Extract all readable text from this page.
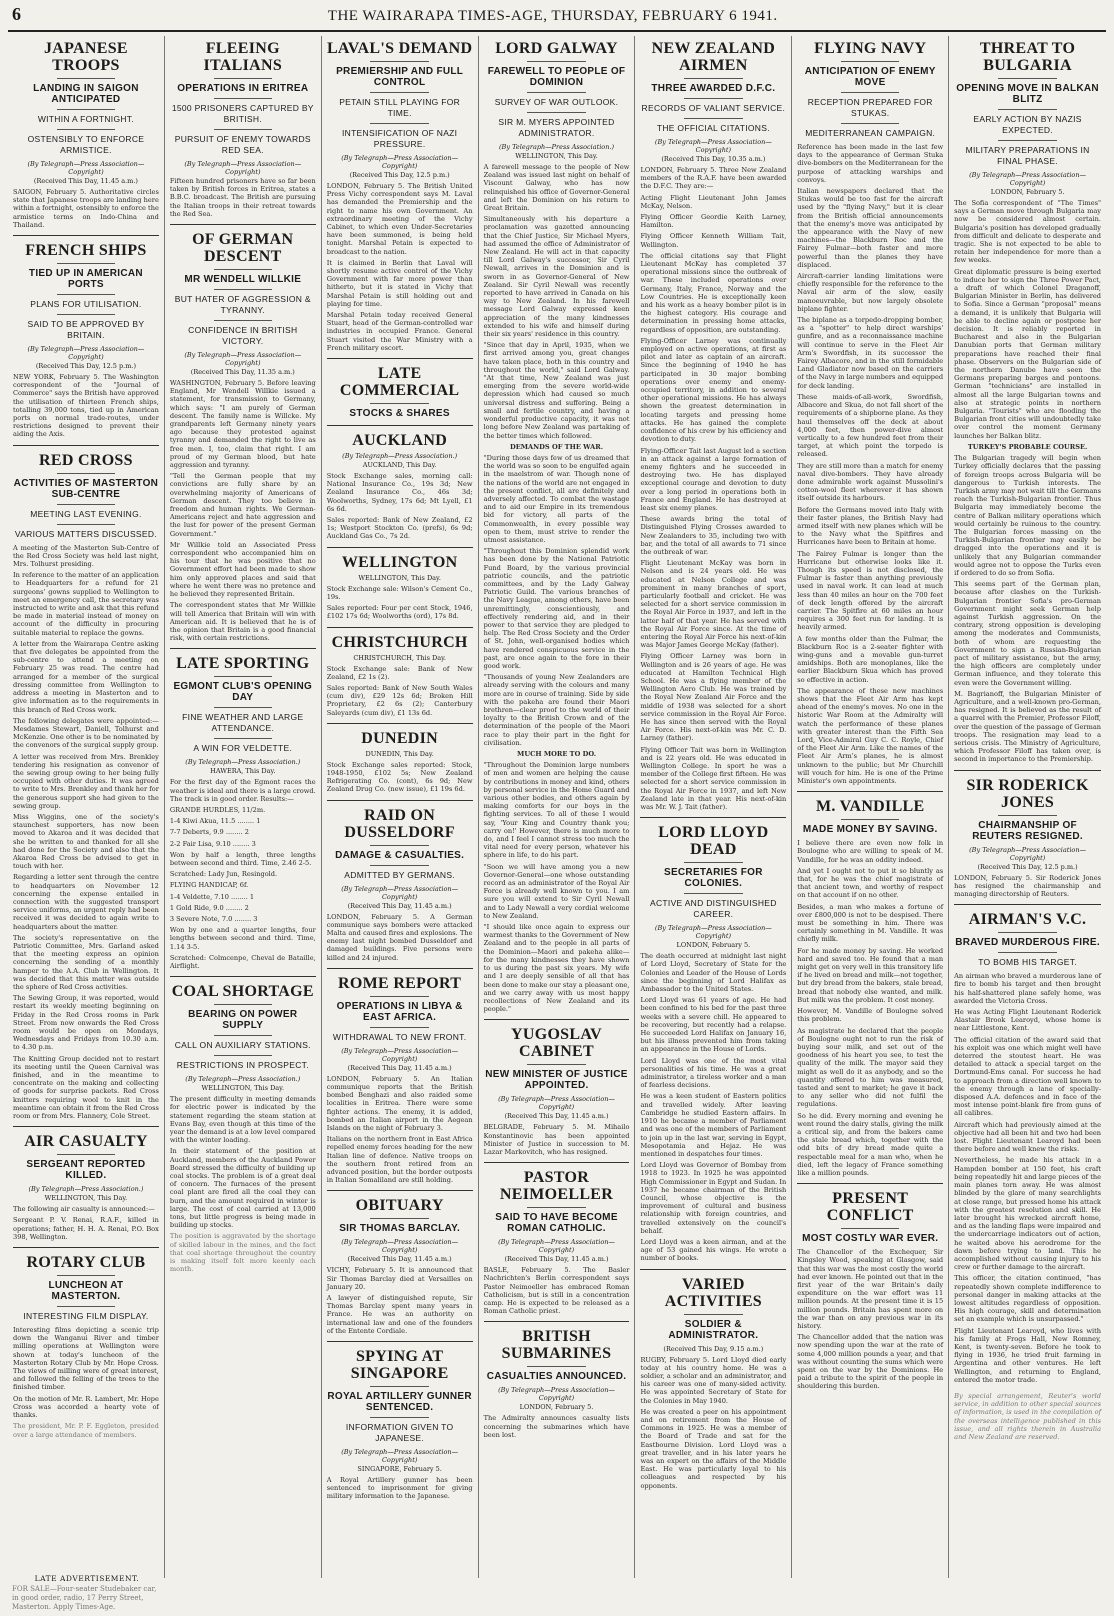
6	THE WAIRARAPA TIMES-AGE, THURSDAY, FEBRUARY 6 1941.
JAPANESE TROOPS
LANDING IN SAIGON ANTICIPATED
WITHIN A FORTNIGHT.
OSTENSIBLY TO ENFORCE ARMISTICE.
(By Telegraph—Press Association—Copyright)
(Received This Day, 11.45 a.m.)

SAIGON, February 5. Authoritative circles state that Japanese troops are landing here within a fortnight, ostensibly to enforce the armistice terms on Indo-China and Thailand.

FRENCH SHIPS
TIED UP IN AMERICAN PORTS
PLANS FOR UTILISATION.
SAID TO BE APPROVED BY BRITAIN.
(By Telegraph—Press Association—Copyright)
(Received This Day, 12.5 p.m.)

NEW YORK, February 5. The Washington correspondent of the "Journal of Commerce" says the British have approved the utilisation of thirteen French ships, totalling 39,000 tons, tied up in American ports on normal trade-routes, under restrictions designed to prevent their aiding the Axis.

RED CROSS
ACTIVITIES OF MASTERTON SUB-CENTRE
MEETING LAST EVENING.
VARIOUS MATTERS DISCUSSED.

A meeting of the Masterton Sub-Centre of the Red Cross Society was held last night, Mrs. Tolhurst presiding.

In reference to the matter of an application to Headquarters for a refund for 21 surgeons' gowns supplied to Wellington to meet an emergency call, the secretary was instructed to write and ask that this refund be made in material instead of money on account of the difficulty in procuring suitable material to replace the gowns.

A letter from the Wairarapa Centre asking that five delegates be appointed from the sub-centre to attend a meeting on February 25 was read. The centre had arranged for a member of the surgical dressing committee from Wellington to address a meeting in Masterton and to give information as to the requirements in this branch of Red Cross work.

The following delegates were appointed:—Mesdames Stewart, Daniell, Tolhurst and McKenzie. One other is to be nominated by the convenors of the surgical supply group.

A letter was received from Mrs. Brenkley tendering his resignation as convenor of the sewing group owing to her being fully occupied with other duties. It was agreed to write to Mrs. Brenkley and thank her for the generous support she had given to the sewing group.

Miss Wiggins, one of the society's staunchest supporters, has now been moved to Akaroa and it was decided that she be written to and thanked for all she had done for the Society and also that the Akaroa Red Cross be advised to get in touch with her.

Regarding a letter sent through the centre to headquarters on November 12 concerning the expense entailed in connection with the suggested transport service uniforms, an urgent reply had been received it was decided to again write to headquarters about the matter.

The society's representative on the Patriotic Committee, Mrs. Garland asked that the meeting express an opinion concerning the sending of a monthly hamper to the A.A. Club in Wellington. It was decided that this matter was outside the sphere of Red Cross activities.

The Sewing Group, it was reported, would restart its weekly meeting beginning on Friday in the Red Cross rooms in Park Street. From now onwards the Red Cross room would be open on Mondays, Wednesdays and Fridays from 10.30 a.m. to 4.30 p.m.

The Knitting Group decided not to restart its meeting until the Queen Carnival was finished, and in the meantime to concentrate on the making and collecting of goods for surprise packets. Red Cross knitters requiring wool to knit in the meantime can obtain it from the Red Cross room or from Mrs. Flannery, Cole Street.

AIR CASUALTY
SERGEANT REPORTED KILLED.
(By Telegraph—Press Association.)
WELLINGTON, This Day.

The following air casualty is announced:—

Sergeant P. V. Renai, R.A.F., killed in operations; father, H. H. A. Renai, P.O. Box 398, Wellington.

ROTARY CLUB
LUNCHEON AT MASTERTON.
INTERESTING FILM DISPLAY.

Interesting films depicting a scenic trip down the Wanganui River and timber milling operations at Wellington were shown at today's luncheon of the Masterton Rotary Club by Mr. Hope Cross. The views of milling were of great interest, and followed the felling of the trees to the finished timber.

On the motion of Mr. R. Lambert, Mr. Hope Cross was accorded a hearty vote of thanks.

The president, Mr. P. F. Eggleton, presided over a large attendance of members.

FLEEING ITALIANS
OPERATIONS IN ERITREA
1500 PRISONERS CAPTURED BY BRITISH.
PURSUIT OF ENEMY TOWARDS RED SEA.
(By Telegraph—Press Association—Copyright)

Fifteen hundred prisoners have so far been taken by British forces in Eritrea, states a B.B.C. broadcast. The British are pursuing the Italian troops in their retreat towards the Red Sea.

OF GERMAN DESCENT
MR WENDELL WILLKIE
BUT HATER OF AGGRESSION & TYRANNY.
CONFIDENCE IN BRITISH VICTORY.
(By Telegraph—Press Association—Copyright)
(Received This Day, 11.35 a.m.)

WASHINGTON, February 5. Before leaving England, Mr Wendell Willkie issued a statement, for transmission to Germany, which says: "I am purely of German descent. The family name is Willcke. My grandparents left Germany ninety years ago because they protested against tyranny and demanded the right to live as free men. I, too, claim that right. I am proud of my German blood, but hate aggression and tyranny.

"Tell the German people that my convictions are fully share by an overwhelming majority of Americans of German descent. They too believe in freedom and human rights. We German-Americans reject and hate aggression and the lust for power of the present German Government."

Mr Willkie told an Associated Press correspondent who accompanied him on his tour that he was positive that no Government effort had been made to show him only approved places and said that where he went there was no pretence and he believed they represented Britain.

The correspondent states that Mr Willkie will tell America that Britain will win with American aid. It is believed that he is of the opinion that Britain is a good financial risk, with certain restrictions.

LATE SPORTING
EGMONT CLUB'S OPENING DAY
FINE WEATHER AND LARGE ATTENDANCE.
A WIN FOR VELDETTE.
(By Telegraph—Press Association.)
HAWERA, This Day.

For the first day of the Egmont races the weather is ideal and there is a large crowd. The track is in good order. Results:—

GRANDE HURDLES, 11/2m.

1-4 Kiwi Akua, 11.5 ........ 1

7-7 Deberts, 9.9 ........ 2

2-2 Fair Lisa, 9.10 ........ 3

Won by half a length, three lengths between second and third. Time, 2.46 2-5.

Scratched: Lady Jun, Resingold.

FLYING HANDICAP, 6f.

1-4 Veldette, 7.10 ........ 1

1 Gold Ride, 9.0 ........ 2

3 Severe Note, 7.0 ........ 3

Won by one and a quarter lengths, four lengths between second and third. Time, 1.14 3-5.

Scratched: Colmcenpe, Cheval de Bataille, Airflight.

COAL SHORTAGE
BEARING ON POWER SUPPLY
CALL ON AUXILIARY STATIONS.
RESTRICTIONS IN PROSPECT.
(By Telegraph—Press Association.)
WELLINGTON, This Day.

The present difficulty in meeting demands for electric power is indicated by the statement regarding the steam station at Evans Bay, even though at this time of the year the demand is at a low level compared with the winter loading.

In their statement of the position at Auckland, members of the Auckland Power Board stressed the difficulty of building up coal stocks. The problem is of a great deal of concern. The furnaces of the present coal plant are fired all the coal they can burn, and the amount required in winter is large. The cost of coal carried at 13,000 tons, but little progress is being made in building up stocks.

The position is aggravated by the shortage of skilled labour in the mines, and the fact that coal shortage throughout the country is making itself felt more keenly each month.

LAVAL'S DEMAND
PREMIERSHIP AND FULL CONTROL
PETAIN STILL PLAYING FOR TIME.
INTENSIFICATION OF NAZI PRESSURE.
(By Telegraph—Press Association—Copyright)
(Received This Day, 12.5 p.m.)

LONDON, February 5. The British United Press Vichy correspondent says M. Laval has demanded the Premiership and the right to name his own Government. An extraordinary meeting of the Vichy Cabinet, to which even Under-Secretaries have been summoned, is being held tonight. Marshal Petain is expected to broadcast to the nation.

It is claimed in Berlin that Laval will shortly resume active control of the Vichy Government with far more power than hitherto, but it is stated in Vichy that Marshal Petain is still holding out and playing for time.

Marshal Petain today received General Stuart, head of the German-controlled war industries in occupied France. General Stuart visited the War Ministry with a French military escort.

LATE COMMERCIAL
STOCKS & SHARES
AUCKLAND
(By Telegraph—Press Association.)
AUCKLAND, This Day.

Stock Exchange sales, morning call: National Insurance Co., 19s 3d; New Zealand Insurance Co., 46s 3d; Woolworths, Sydney, 17s 6d; Mt Lyell, £1 6s 6d.

Sales reported: Bank of New Zealand, £2 1s; Westport Stockton Co. (prefs), 6s 9d; Auckland Gas Co., 7s 2d.

WELLINGTON
WELLINGTON, This Day.

Stock Exchange sale: Wilson's Cement Co., 19s.

Sales reported: Four per cent Stock, 1946, £102 17s 6d; Woolworths (ord), 17s 8d.

CHRISTCHURCH
CHRISTCHURCH, This Day.

Stock Exchange sale: Bank of New Zealand, £2 1s (2).

Sales reported: Bank of New South Wales (cum div), £29 12s 6d; Broken Hill Proprietary, £2 6s (2); Canterbury Saleyards (cum div), £1 13s 6d.

DUNEDIN
DUNEDIN, This Day.

Stock Exchange sales reported: Stock, 1948-1950, £102 5s; New Zealand Refrigerating Co. (cont), 6s 9d; New Zealand Drug Co. (new issue), £1 19s 6d.

RAID ON DUSSELDORF
DAMAGE & CASUALTIES.
ADMITTED BY GERMANS.
(By Telegraph—Press Association—Copyright)
(Received This Day, 11.45 a.m.)

LONDON, February 5. A German communique says bombers were attacked Malta and caused fires and explosions. The enemy last night bombed Dusseldorf and damaged buildings. Five persons were killed and 24 injured.

ROME REPORT
OPERATIONS IN LIBYA & EAST AFRICA.
WITHDRAWAL TO NEW FRONT.
(By Telegraph—Press Association—Copyright)
(Received This Day, 11.45 a.m.)

LONDON, February 5. An Italian communique reports that the British bombed Benghazi and also raided some localities in Eritrea. There were some fighter actions. The enemy, it is added, bombed an Italian airport in the Aegean Islands on the night of February 3.

Italians on the northern front in East Africa repelled enemy forces heading for the new Italian line of defence. Native troops on the southern front retired from an advanced position, but the border outposts in Italian Somaliland are still holding.

OBITUARY
SIR THOMAS BARCLAY.
(By Telegraph—Press Association—Copyright)
(Received This Day, 11.45 a.m.)

VICHY, February 5. It is announced that Sir Thomas Barclay died at Versailles on January 20.

A lawyer of distinguished repute, Sir Thomas Barclay spent many years in France. He was an authority on international law and one of the founders of the Entente Cordiale.

SPYING AT SINGAPORE
ROYAL ARTILLERY GUNNER SENTENCED.
INFORMATION GIVEN TO JAPANESE.
(By Telegraph—Press Association—Copyright)
SINGAPORE, February 5.

A Royal Artillery gunner has been sentenced to imprisonment for giving military information to the Japanese.

LORD GALWAY
FAREWELL TO PEOPLE OF DOMINION
SURVEY OF WAR OUTLOOK.
SIR M. MYERS APPOINTED ADMINISTRATOR.
(By Telegraph—Press Association.)
WELLINGTON, This Day.

A farewell message to the people of New Zealand was issued last night on behalf of Viscount Galway, who has now relinquished his office of Governor-General and left the Dominion on his return to Great Britain.

Simultaneously with his departure a proclamation was gazetted announcing that the Chief Justice, Sir Michael Myers, had assumed the office of Administrator of New Zealand. He will act in that capacity till Lord Galway's successor, Sir Cyril Newall, arrives in the Dominion and is sworn in as Governor-General of New Zealand. Sir Cyril Newall was recently reported to have arrived in Canada on his way to New Zealand. In his farewell message Lord Galway expressed keen appreciation of the many kindnesses extended to his wife and himself during their six years' residence in this country.

"Since that day in April, 1935, when we first arrived among you, great changes have taken place, both in this country and throughout the world," said Lord Galway. "At that time, New Zealand was just emerging from the severe world-wide depression which had caused so much universal distress and suffering. Being a small and fertile country, and having a wonderful productive capacity, it was not long before New Zealand was partaking of the better times which followed.

DEMANDS OF THE WAR.

"During those days few of us dreamed that the world was so soon to be engulfed again in the maelstrom of war. Though none of the nations of the world are not engaged in the present conflict, all are definitely and adversely affected. To combat the wastage and to aid our Empire in its tremendous bid for victory, all parts of the Commonwealth, in every possible way open to them, must strive to render the utmost assistance.

"Throughout this Dominion splendid work has been done by the National Patriotic Fund Board, by the various provincial patriotic councils, and the patriotic committees, and by the Lady Galway Patriotic Guild. The various branches of the Navy League, among others, have been unremittingly, conscientiously, and effectively rendering aid, and in their power to that service they are pledged to help. The Red Cross Society and the Order of St. John, well-organised bodies which have rendered conspicuous service in the past, are once again to the fore in their good work.

"Thousands of young New Zealanders are already serving with the colours and many more are in course of training. Side by side with the pakeha are found their Maori brethren—clear proof to the world of their loyalty to the British Crown and of the determination of the people of the Maori race to play their part in the fight for civilisation.

MUCH MORE TO DO.

"Throughout the Dominion large numbers of men and women are helping the cause by contributions in money and kind, others by personal service in the Home Guard and various other bodies, and others again by making comforts for our boys in the fighting services. To all of these I would say, 'Your King and Country thank you; carry on!' However, there is much more to do, and I feel I cannot stress too much the vital need for every person, whatever his sphere in life, to do his part.

"Soon we will have among you a new Governor-General—one whose outstanding record as an administrator of the Royal Air Force is already well known to you. I am sure you will extend to Sir Cyril Newall and to Lady Newall a very cordial welcome to New Zealand.

"I should like once again to express our warmest thanks to the Government of New Zealand and to the people in all parts of the Dominion—Maori and pakeha alike—for the many kindnesses they have shown to us during the past six years. My wife and I are deeply sensible of all that has been done to make our stay a pleasant one, and we carry away with us most happy recollections of New Zealand and its people."

YUGOSLAV CABINET
NEW MINISTER OF JUSTICE APPOINTED.
(By Telegraph—Press Association—Copyright)
(Received This Day, 11.45 a.m.)

BELGRADE, February 5. M. Mihailo Konstantinovic has been appointed Minister of Justice in succession to M. Lazar Markovitch, who has resigned.

PASTOR NEIMOELLER
SAID TO HAVE BECOME ROMAN CATHOLIC.
(By Telegraph—Press Association—Copyright)
(Received This Day, 11.45 a.m.)

BASLE, February 5. The Basler Nachrichten's Berlin correspondent says Pastor Neimoeller has embraced Roman Catholicism, but is still in a concentration camp. He is expected to be released as a Roman Catholic priest.

BRITISH SUBMARINES
CASUALTIES ANNOUNCED.
(By Telegraph—Press Association—Copyright)
LONDON, February 5.

The Admiralty announces casualty lists concerning the submarines which have been lost.

NEW ZEALAND AIRMEN
THREE AWARDED D.F.C.
RECORDS OF VALIANT SERVICE.
THE OFFICIAL CITATIONS.
(By Telegraph—Press Association—Copyright)
(Received This Day, 10.35 a.m.)

LONDON, February 5. Three New Zealand members of the R.A.F. have been awarded the D.F.C. They are:—

Acting Flight Lieutenant John James McKay, Nelson.

Flying Officer Geordie Keith Larney, Hamilton.

Flying Officer Kenneth William Tait, Wellington.

The official citations say that Flight Lieutenant McKay has completed 37 operational missions since the outbreak of war. These included operations over Germany, Italy, France, Norway and the Low Countries. He is exceptionally keen and his work as a heavy bomber pilot is in the highest category. His courage and determination in pressing home attacks, regardless of opposition, are outstanding.

Flying-Officer Larney was continually employed on active operations, at first as pilot and later as captain of an aircraft. Since the beginning of 1940 he has participated in 30 major bombing operations over enemy and enemy-occupied territory, in addition to several other operational missions. He has always shown the greatest determination in locating targets and pressing home attacks. He has gained the complete confidence of his crew by his efficiency and devotion to duty.

Flying-Officer Tait last August led a section in an attack against a large formation of enemy fighters and he succeeded in destroying two. He has displayed exceptional courage and devotion to duty over a long period in operations both in France and England. He has destroyed at least six enemy planes.

These awards bring the total of Distinguished Flying Crosses awarded to New Zealanders to 35, including two with bar, and the total of all awards to 71 since the outbreak of war.

Flight Lieutenant McKay was born in Nelson and is 24 years old. He was educated at Nelson College and was prominent in many branches of sport, particularly football and cricket. He was selected for a short service commission in the Royal Air Force in 1937, and left in the latter half of that year. He has served with the Royal Air Force since. At the time of entering the Royal Air Force his next-of-kin was Major James George McKay (father).

Flying Officer Larney was born in Wellington and is 26 years of age. He was educated at Hamilton Technical High School. He was a flying member of the Wellington Aero Club. He was trained by the Royal New Zealand Air Force and the middle of 1938 was selected for a short service commission in the Royal Air Force. He has since then served with the Royal Air Force. His next-of-kin was Mr. C. D. Larney (father).

Flying Officer Tait was born in Wellington and is 22 years old. He was educated in Wellington College. In sport he was a member of the College first fifteen. He was selected for a short service commission in the Royal Air Force in 1937, and left New Zealand late in that year. His next-of-kin was Mr. W. J. Tait (father).

LORD LLOYD DEAD
SECRETARIES FOR COLONIES.
ACTIVE AND DISTINGUISHED CAREER.
(By Telegraph—Press Association—Copyright)
LONDON, February 5.

The death occurred at midnight last night of Lord Lloyd, Secretary of State for the Colonies and Leader of the House of Lords since the beginning of Lord Halifax as Ambassador to the United States.

Lord Lloyd was 61 years of age. He had been confined to his bed for the past three weeks with a severe chill. He appeared to be recovering, but recently had a relapse. He succeeded Lord Halifax on January 16, but his illness prevented him from taking an appearance in the House of Lords.

Lord Lloyd was one of the most vital personalities of his time. He was a great administrator, a tireless worker and a man of fearless decisions.

He was a keen student of Eastern politics and travelled widely. After leaving Cambridge he studied Eastern affairs. In 1910 he became a member of Parliament and was one of the members of Parliament to join up in the last war, serving in Egypt, Mesopotamia and Hejaz. He was mentioned in despatches four times.

Lord Lloyd was Governor of Bombay from 1918 to 1923. In 1925 he was appointed High Commissioner in Egypt and Sudan. In 1937 he became chairman of the British Council, whose objective is the improvement of cultural and business relationship with foreign countries, and travelled extensively on the council's behalf.

Lord Lloyd was a keen airman, and at the age of 53 gained his wings. He wrote a number of books.

VARIED ACTIVITIES
SOLDIER & ADMINISTRATOR.
(Received This Day, 9.15 a.m.)

RUGBY, February 5. Lord Lloyd died early today at his country home. He was a soldier, a scholar and an administrator, and his career was one of many-sided activity. He was appointed Secretary of State for the Colonies in May 1940.

He was created a peer on his appointment and on retirement from the House of Commons in 1925. He was a member of the Board of Trade and sat for the Eastbourne Division. Lord Lloyd was a great traveller, and in his later years he was an expert on the affairs of the Middle East. He was particularly loyal to his colleagues and respected by his opponents.

FLYING NAVY
ANTICIPATION OF ENEMY MOVE
RECEPTION PREPARED FOR STUKAS.
MEDITERRANEAN CAMPAIGN.

Reference has been made in the last few days to the appearance of German Stuka dive-bombers on the Mediterranean for the purpose of attacking warships and convoys.

Italian newspapers declared that the Stukas would be too fast for the aircraft used by the "flying Navy," but it is clear from the British official announcements that the enemy's move was anticipated by the appearance with the Navy of new machines—the Blackburn Roc and the Fairey Fulmar—both faster and more powerful than the planes they have displaced.

Aircraft-carrier landing limitations were chiefly responsible for the reference to the Naval air arm of the slow, easily manoeuvrable, but now largely obsolete biplane fighter.

The biplane as a torpedo-dropping bomber, as a "spotter" to help direct warships' gunfire, and as a reconnaissance machine will continue to serve in the Fleet Air Arm's Swordfish, in its successor the Fairey Albacore, and in the still formidable Land Gladiator now based on the carriers of the Navy in large numbers and equipped for deck landing.

These maids-of-all-work, Swordfish, Albacore and Skua, do not fall short of the requirements of a shipborne plane. As they haul themselves off the deck at about 4,000 feet, then power-dive almost vertically to a few hundred feet from their target, at which point the torpedo is released.

They are still more than a match for enemy naval dive-bombers. They have already done admirable work against Mussolini's cotton-wool fleet wherever it has shown itself outside its harbours.

Before the Germans moved into Italy with their faster planes, the British Navy had armed itself with new planes which will be to the Navy what the Spitfires and Hurricanes have been to Britain at home.

The Fairey Fulmar is longer than the Hurricane but otherwise looks like it. Though its speed is not disclosed, the Fulmar is faster than anything previously used in naval work. It can lead at much less than 40 miles an hour on the 700 feet of deck length offered by the aircraft carrier. The Spitfire at 60 miles an hour requires a 300 feet run for landing. It is heavily armed.

A few months older than the Fulmar, the Blackburn Roc is a 2-seater fighter with wing-guns and a movable gun-turret amidships. Both are monoplanes, like the earlier Blackburn Skua which has proved so effective in action.

The appearance of these new machines shows that the Fleet Air Arm has kept ahead of the enemy's moves. No one in the historic War Room at the Admiralty will watch the performance of these planes with greater interest than the Fifth Sea Lord, Vice-Admiral Guy C. C. Royle, Chief of the Fleet Air Arm. Like the names of the Fleet Air Arm's planes, he is almost unknown to the public; but Mr Churchill will vouch for him. He is one of the Prime Minister's own appointments.

M. VANDILLE
MADE MONEY BY SAVING.

I believe there are even now folk in Boulogne who are willing to speak of M. Vandille, for he was an oddity indeed.

And yet I ought not to put it so bluntly as that, for he was the chief magistrate of that ancient town, and worthy of respect on that account if on no other.

Besides, a man who makes a fortune of over £800,000 is not to be despised. There must be something in him. There was certainly something in M. Vandille. It was chiefly milk.

For he made money by saving. He worked hard and saved too. He found that a man might get on very well in this transitory life if he lived on bread and milk—not together, but dry bread from the bakers, stale bread, bread that nobody else wanted, and milk. But milk was the problem. It cost money.

However, M. Vandille of Boulogne solved this problem.

As magistrate he declared that the people of Boulogne ought not to run the risk of buying sour milk, and set out of the goodness of his heart you see, to test the quality of the milk. The mayor said they might as well do it as anybody, and so the quantity offered to him was measured, tasted and sent to market; he gave it back to any seller who did not fulfil the regulations.

So he did. Every morning and evening he went round the dairy stalls, giving the milk a critical sip, and from the bakers came the stale bread which, together with the odd bits of dry bread made quite a respectable meal for a man who, when he died, left the legacy of France something like a million pounds.

PRESENT CONFLICT
MOST COSTLY WAR EVER.

The Chancellor of the Exchequer, Sir Kingsley Wood, speaking at Glasgow, said that this war was the most costly the world had ever known. He pointed out that in the first year of the war Britain's daily expenditure on the war effort was 11 million pounds. At the present time it is 15 million pounds. Britain has spent more on the war than on any previous war in its history.

The Chancellor added that the nation was now spending upon the war at the rate of some 4,000 million pounds a year, and that was without counting the sums which were spent on the war by the Dominions. He paid a tribute to the spirit of the people in shouldering this burden.

THREAT TO BULGARIA
OPENING MOVE IN BALKAN BLITZ
EARLY ACTION BY NAZIS EXPECTED.
MILITARY PREPARATIONS IN FINAL PHASE.
(By Telegraph—Press Association—Copyright)
LONDON, February 5.

The Sofia correspondent of "The Times" says a German move through Bulgaria may now be considered almost certain. Bulgaria's position has developed gradually from difficult and delicate to desperate and tragic. She is not expected to be able to retain her independence for more than a few weeks.

Great diplomatic pressure is being exerted to induce her to sign the Three Power Pact, a draft of which Colonel Draganoff, Bulgarian Minister in Berlin, has delivered to Sofia. Since a German "proposal" means a demand, it is unlikely that Bulgaria will be able to decline again or postpone her decision. It is reliably reported in Bucharest and also in the Bulgarian Danubian ports that German military preparations have reached their final phase. Observers on the Bulgarian side of the northern Danube have seen the Germans preparing barges and pontoons. German "technicians" are installed in almost all the large Bulgarian towns and also at strategic points in northern Bulgaria. "Tourists" who are flooding the Bulgarian front cities will undoubtedly take over control the moment Germany launches her Balkan blitz.

TURKEY'S PROBABLE COURSE.

The Bulgarian tragedy will begin when Turkey officially declares that the passing of foreign troops across Bulgaria will be dangerous to Turkish interests. The Turkish army may not wait till the Germans reach the Turkish-Bulgarian frontier. Thus Bulgaria may immediately become the centre of Balkan military operations which would certainly be ruinous to the country. The Bulgarian forces massing on the Turkish-Bulgarian frontier may easily be dragged into the operations and it is unlikely that any Bulgarian commander would agree not to oppose the Turks even if ordered to do so from Sofia.

This seems part of the German plan, because after clashes on the Turkish-Bulgarian frontier Sofia's pro-German Government might seek German help against Turkish aggression. On the contrary, strong opposition is developing among the moderates and Communists, both of whom are requesting the Government to sign a Russian-Bulgarian pact of military assistance, but the army, the high officers are completely under German influence, and they tolerate this even were the Government willing.

M. Bagrianoff, the Bulgarian Minister of Agriculture, and a well-known pro-German, has resigned. It is believed as the result of a quarrel with the Premier, Professor Filoff, over the question of the passage of German troops. The resignation may lead to a serious crisis. The Ministry of Agriculture, which Professor Filoff has taken over, is second in importance to the Premiership.

SIR RODERICK JONES
CHAIRMANSHIP OF REUTERS RESIGNED.
(By Telegraph—Press Association—Copyright)
(Received This Day, 12.5 p.m.)

LONDON, February 5. Sir Roderick Jones has resigned the chairmanship and managing directorship of Reuters.

AIRMAN'S V.C.
BRAVED MURDEROUS FIRE.
TO BOMB HIS TARGET.

An airman who braved a murderous lane of fire to bomb his target and then brought his half-shattered plane safely home, was awarded the Victoria Cross.

He was Acting Flight Lieutenant Roderick Alastair Brook Learoyd, whose home is near Littlestone, Kent.

The official citation of the award said that his exploit was one which might well have deterred the stoutest heart. He was detailed to attack a special target on the Dortmund-Ems canal. For success he had to approach from a direction well known to the enemy through a lane of specially-disposed A.A. defences and in face of the most intense point-blank fire from guns of all calibres.

Aircraft which had previously aimed at the objective had all been hit and two had been lost. Flight Lieutenant Learoyd had been there before and well knew the risks.

Nevertheless, he made his attack in a Hampden bomber at 150 feet, his craft being repeatedly hit and large pieces of the main planes torn away. He was almost blinded by the glare of many searchlights at close range, but pressed home his attack with the greatest resolution and skill. He later brought his wrecked aircraft home, and as the landing flaps were impaired and the undercarriage indicators out of action, he waited above his aerodrome for the dawn before trying to land. This he accomplished without causing injury to his crew or further damage to the aircraft.

This officer, the citation continued, "has repeatedly shown complete indifference to personal danger in making attacks at the lowest altitudes regardless of opposition. His high courage, skill and determination set an example which is unsurpassed."

Flight Lieutenant Learoyd, who lives with his family at Frogs Hall, New Romney, Kent, is twenty-seven. Before he took to flying in 1936, he tried fruit farming in Argentina and other ventures. He left Wellington, and returning to England, entered the motor trade.

By special arrangement, Reuter's world service, in addition to other special sources of information, is used in the compilation of the overseas intelligence published in this issue, and all rights therein in Australia and New Zealand are reserved.

LATE ADVERTISEMENT.
FOR SALE—Four-seater Studebaker car, in good order, radio, 17 Perry Street, Masterton. Apply Times-Age.
